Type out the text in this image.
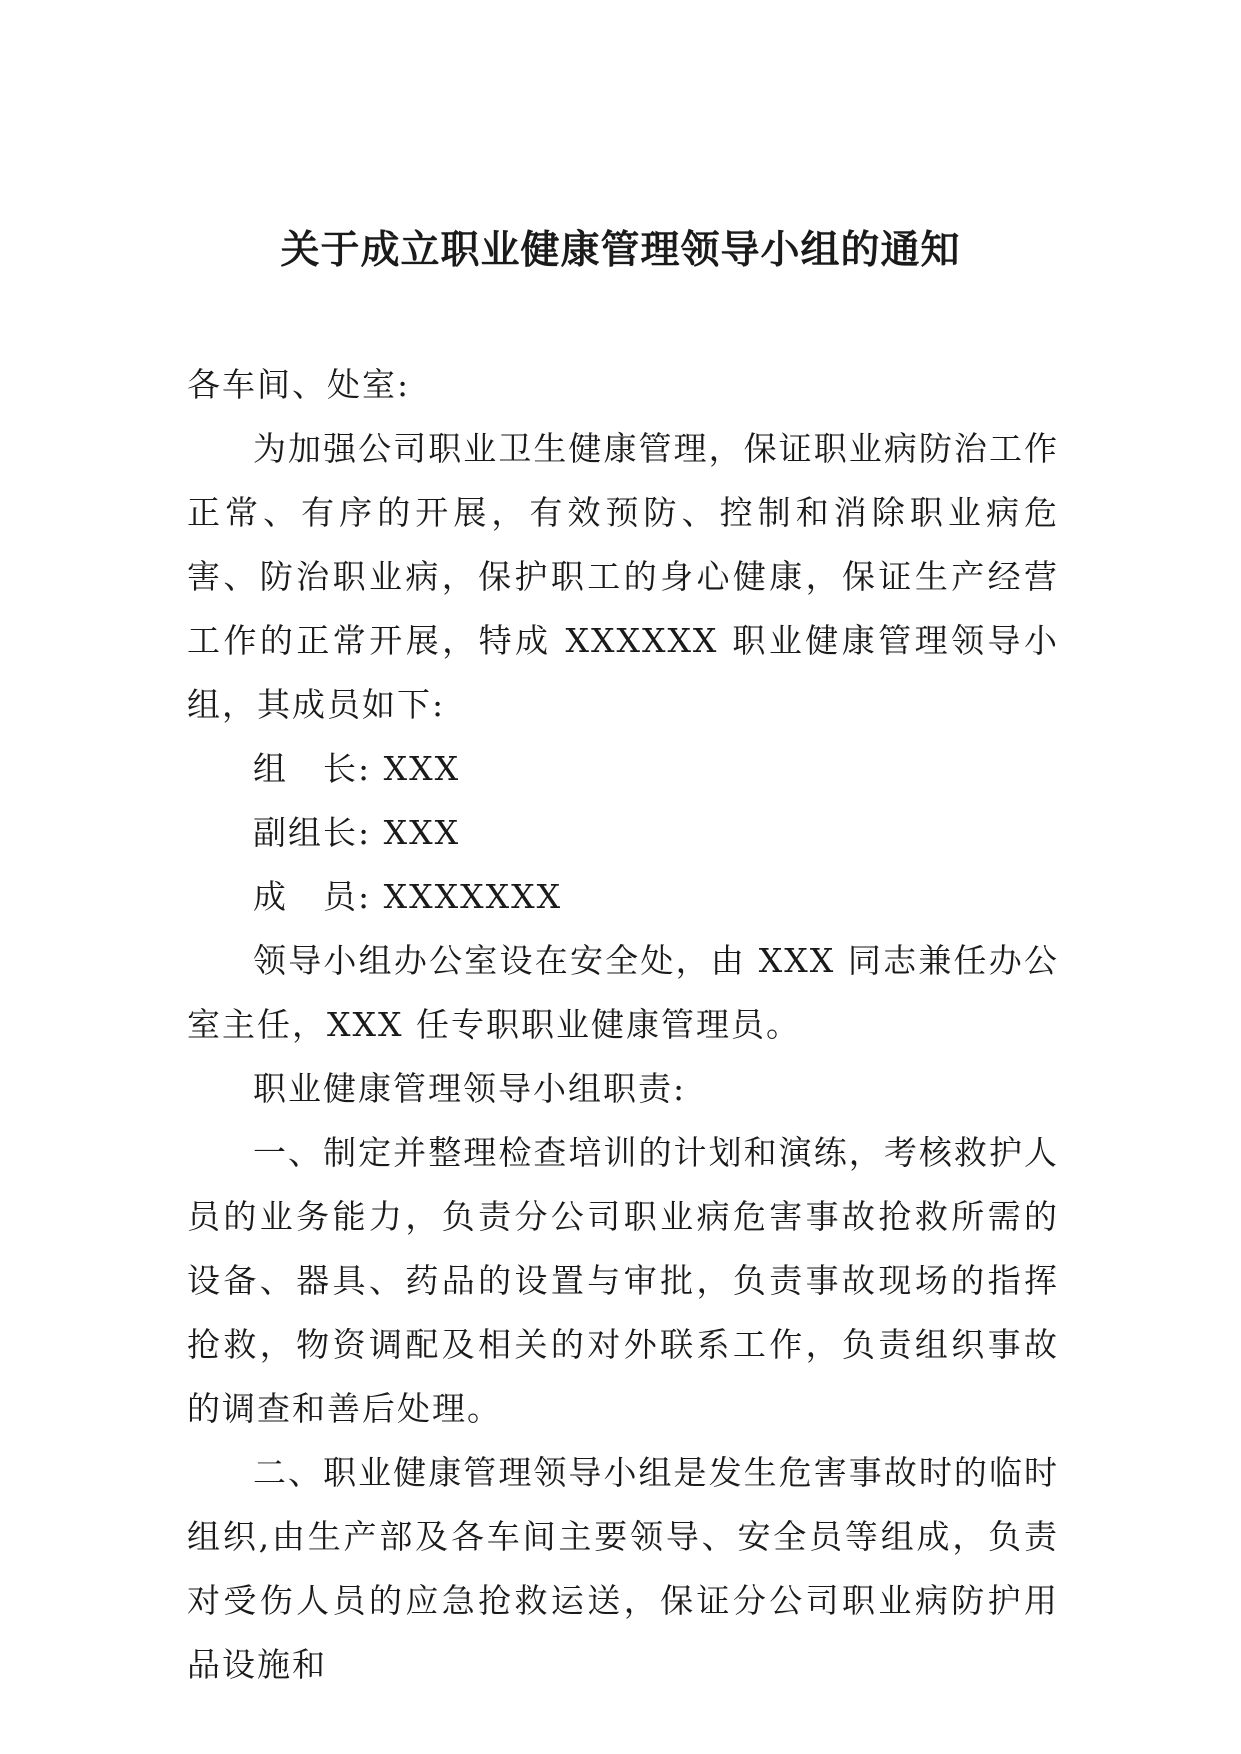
关于成立职业健康管理领导小组的通知

各车间、处室:

为加强公司职业卫生健康管理，保证职业病防治工作正常、有序的开展，有效预防、控制和消除职业病危害、防治职业病，保护职工的身心健康，保证生产经营工作的正常开展，特成 XXXXXX 职业健康管理领导小组，其成员如下:

组　长: XXX

副组长: XXX

成　员: XXXXXXX

领导小组办公室设在安全处，由 XXX 同志兼任办公室主任，XXX 任专职职业健康管理员。

职业健康管理领导小组职责:

一、制定并整理检查培训的计划和演练，考核救护人员的业务能力，负责分公司职业病危害事故抢救所需的设备、器具、药品的设置与审批，负责事故现场的指挥抢救，物资调配及相关的对外联系工作，负责组织事故的调查和善后处理。

二、职业健康管理领导小组是发生危害事故时的临时组织,由生产部及各车间主要领导、安全员等组成，负责对受伤人员的应急抢救运送，保证分公司职业病防护用品设施和
